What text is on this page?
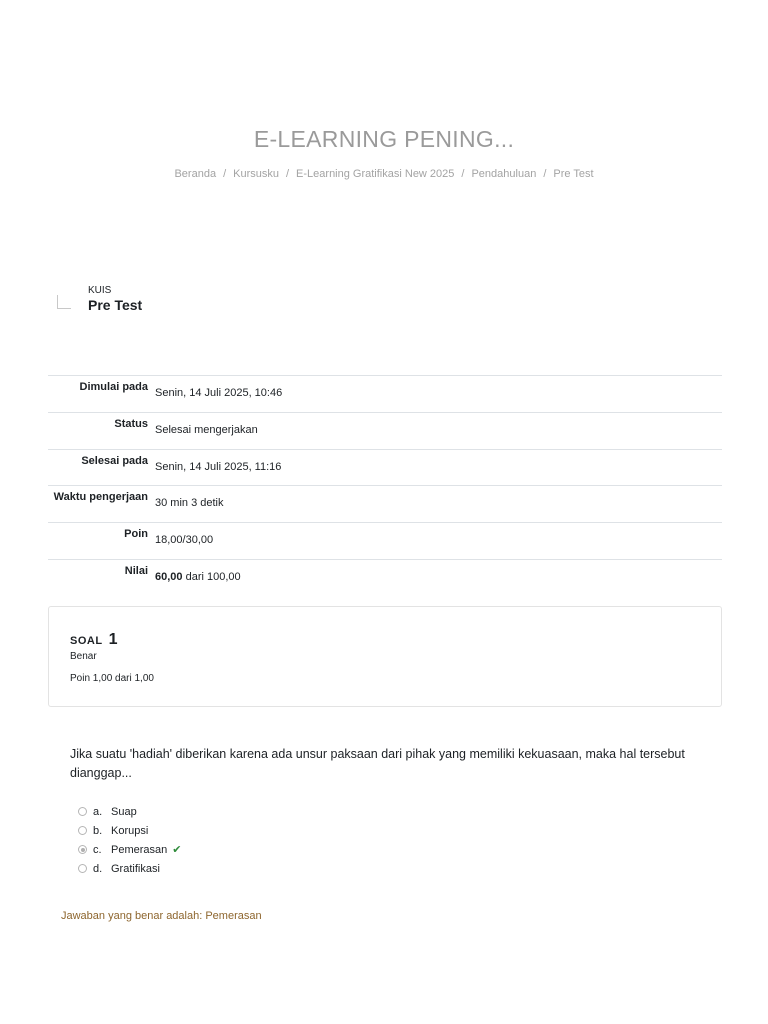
E-LEARNING PENING...
Beranda / Kursusku / E-Learning Gratifikasi New 2025 / Pendahuluan / Pre Test
KUIS
Pre Test
Dimulai pada Senin, 14 Juli 2025, 10:46
Status Selesai mengerjakan
Selesai pada Senin, 14 Juli 2025, 11:16
Waktu pengerjaan 30 min 3 detik
Poin 18,00/30,00
Nilai 60,00 dari 100,00
SOAL 1
Benar
Poin 1,00 dari 1,00
Jika suatu 'hadiah' diberikan karena ada unsur paksaan dari pihak yang memiliki kekuasaan, maka hal tersebut dianggap...
a. Suap
b. Korupsi
c. Pemerasan ✔
d. Gratifikasi
Jawaban yang benar adalah: Pemerasan
